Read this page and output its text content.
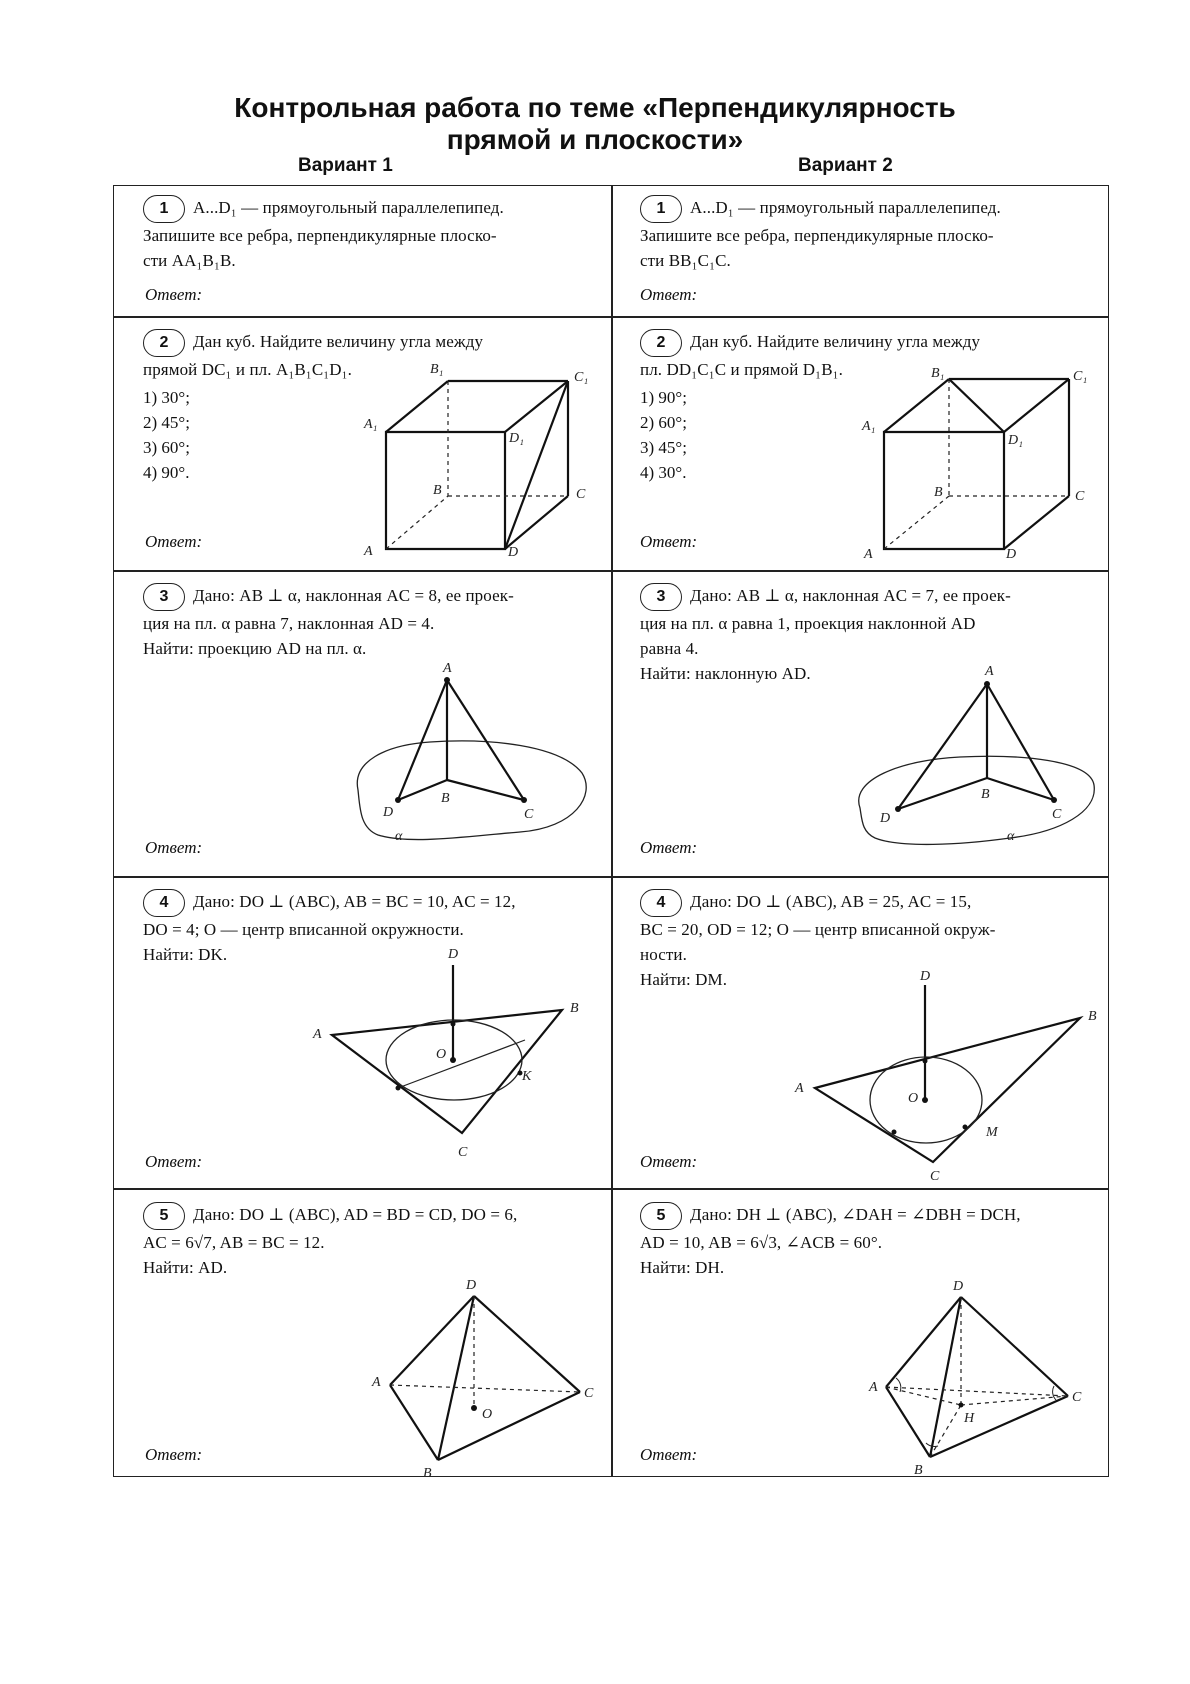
Контрольная работа по теме «Перпендикулярность
прямой и плоскости»
Вариант 1	Вариант 2
1 A...D₁ — прямоугольный параллелепипед.
Запишите все ребра, перпендикулярные плоско-
сти AA₁B₁B.
Ответ:
1 A...D₁ — прямоугольный параллелепипед.
Запишите все ребра, перпендикулярные плоско-
сти BB₁C₁C.
Ответ:
2 Дан куб. Найдите величину угла между
прямой DC₁ и пл. A₁B₁C₁D₁.
1) 30°;
2) 45°;
3) 60°;
4) 90°.
Ответ:
B₁
C₁
A₁
D₁
B	C
A	D
2 Дан куб. Найдите величину угла между
пл. DD₁C₁C и прямой D₁B₁.
1) 90°;
2) 60°;
3) 45°;
4) 30°.
Ответ:
B₁	C₁
A₁
D₁
B	C
A	D
3 Дано: AB ⊥ α, наклонная AC = 8, ее проек-
ция на пл. α равна 7, наклонная AD = 4.
Найти: проекцию AD на пл. α.
Ответ:
A
D
B
C
α
3 Дано: AB ⊥ α, наклонная AC = 7, ее проек-
ция на пл. α равна 1, проекция наклонной AD
равна 4.
Найти: наклонную AD.
Ответ:
A
D
B
C
α
4 Дано: DO ⊥ (ABC), AB = BC = 10, AC = 12,
DO = 4; O — центр вписанной окружности.
Найти: DK.
Ответ:
D
A
B
O
K
C
4 Дано: DO ⊥ (ABC), AB = 25, AC = 15,
BC = 20, OD = 12; O — центр вписанной окруж-
ности.
Найти: DM.
Ответ:
D
A
B
O
M
C
5 Дано: DO ⊥ (ABC), AD = BD = CD, DO = 6,
AC = 6√7, AB = BC = 12.
Найти: AD.
Ответ:
D
A
C
O
B
5 Дано: DH ⊥ (ABC), ∠DAH = ∠DBH = DCH,
AD = 10, AB = 6√3, ∠ACB = 60°.
Найти: DH.
Ответ:
D
A
C
H
B
